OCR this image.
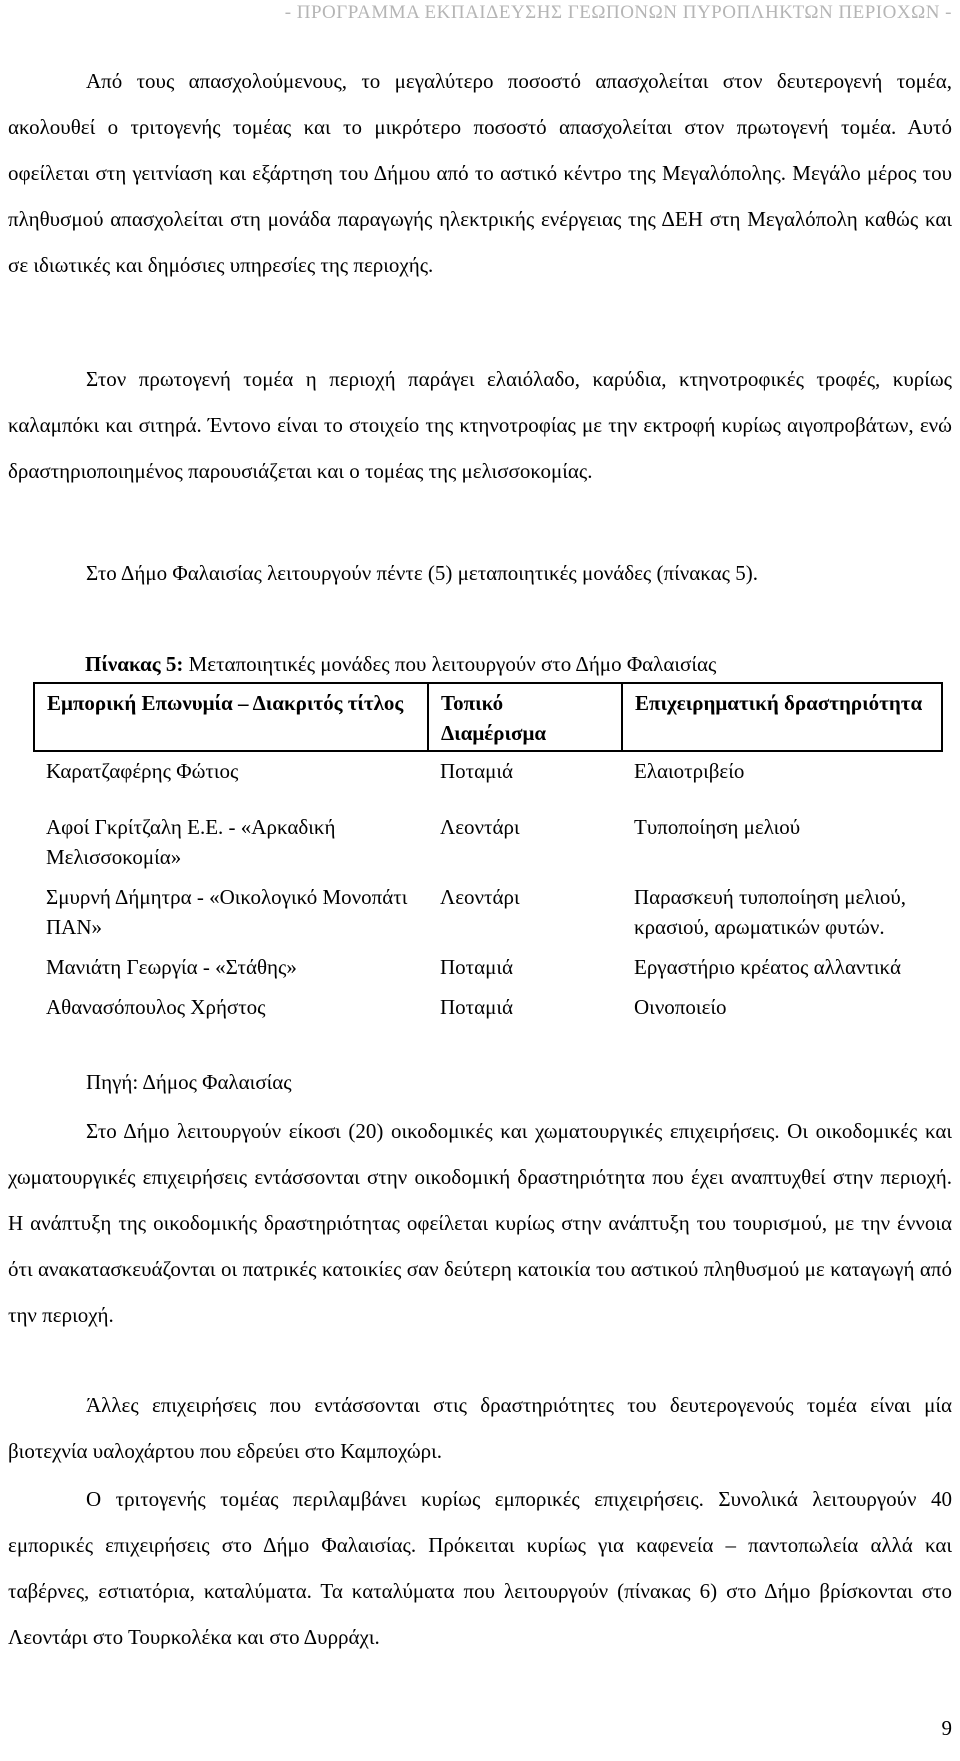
- ΠΡΟΓΡΑΜΜΑ ΕΚΠΑΙΔΕΥΣΗΣ ΓΕΩΠΟΝΩΝ ΠΥΡΟΠΛΗΚΤΩΝ ΠΕΡΙΟΧΩΝ -

Από τους απασχολούμενους, το μεγαλύτερο ποσοστό απασχολείται στον δευτερογενή τομέα, ακολουθεί ο τριτογενής τομέας και το μικρότερο ποσοστό απασχολείται στον πρωτογενή τομέα. Αυτό οφείλεται στη γειτνίαση και εξάρτηση του Δήμου από το αστικό κέντρο της Μεγαλόπολης. Μεγάλο μέρος του πληθυσμού απασχολείται στη μονάδα παραγωγής ηλεκτρικής ενέργειας της ΔΕΗ στη Μεγαλόπολη καθώς και σε ιδιωτικές και δημόσιες υπηρεσίες της περιοχής.

Στον πρωτογενή τομέα η περιοχή παράγει ελαιόλαδο, καρύδια, κτηνοτροφικές τροφές, κυρίως καλαμπόκι και σιτηρά. Έντονο είναι το στοιχείο της κτηνοτροφίας με την εκτροφή κυρίως αιγοπροβάτων, ενώ δραστηριοποιημένος παρουσιάζεται και ο τομέας της μελισσοκομίας.

Στο Δήμο Φαλαισίας λειτουργούν πέντε (5) μεταποιητικές μονάδες (πίνακας 5).

Πίνακας 5: Μεταποιητικές μονάδες που λειτουργούν στο Δήμο Φαλαισίας
Εμπορική Επωνυμία – Διακριτός τίτλος	Τοπικό Διαμέρισμα	Επιχειρηματική δραστηριότητα
Καρατζαφέρης Φώτιος	Ποταμιά	Ελαιοτριβείο
Αφοί Γκρίτζαλη Ε.Ε. - «Αρκαδική Μελισσοκομία»	Λεοντάρι	Τυποποίηση μελιού
Σμυρνή Δήμητρα - «Οικολογικό Μονοπάτι ΠΑΝ»	Λεοντάρι	Παρασκευή τυποποίηση μελιού, κρασιού, αρωματικών φυτών.
Μανιάτη Γεωργία - «Στάθης»	Ποταμιά	Εργαστήριο κρέατος αλλαντικά
Αθανασόπουλος Χρήστος	Ποταμιά	Οινοποιείο
Πηγή: Δήμος Φαλαισίας

Στο Δήμο λειτουργούν είκοσι (20) οικοδομικές και χωματουργικές επιχειρήσεις. Οι οικοδομικές και χωματουργικές επιχειρήσεις εντάσσονται στην οικοδομική δραστηριότητα που έχει αναπτυχθεί στην περιοχή. Η ανάπτυξη της οικοδομικής δραστηριότητας οφείλεται κυρίως στην ανάπτυξη του τουρισμού, με την έννοια ότι ανακατασκευάζονται οι πατρικές κατοικίες σαν δεύτερη κατοικία του αστικού πληθυσμού με καταγωγή από την περιοχή.

Άλλες επιχειρήσεις που εντάσσονται στις δραστηριότητες του δευτερογενούς τομέα είναι μία βιοτεχνία υαλοχάρτου που εδρεύει στο Καμποχώρι.

Ο τριτογενής τομέας περιλαμβάνει κυρίως εμπορικές επιχειρήσεις. Συνολικά λειτουργούν 40 εμπορικές επιχειρήσεις στο Δήμο Φαλαισίας. Πρόκειται κυρίως για καφενεία – παντοπωλεία αλλά και ταβέρνες, εστιατόρια, καταλύματα. Τα καταλύματα που λειτουργούν (πίνακας 6) στο Δήμο βρίσκονται στο Λεοντάρι στο Τουρκολέκα και στο Δυρράχι.

9
